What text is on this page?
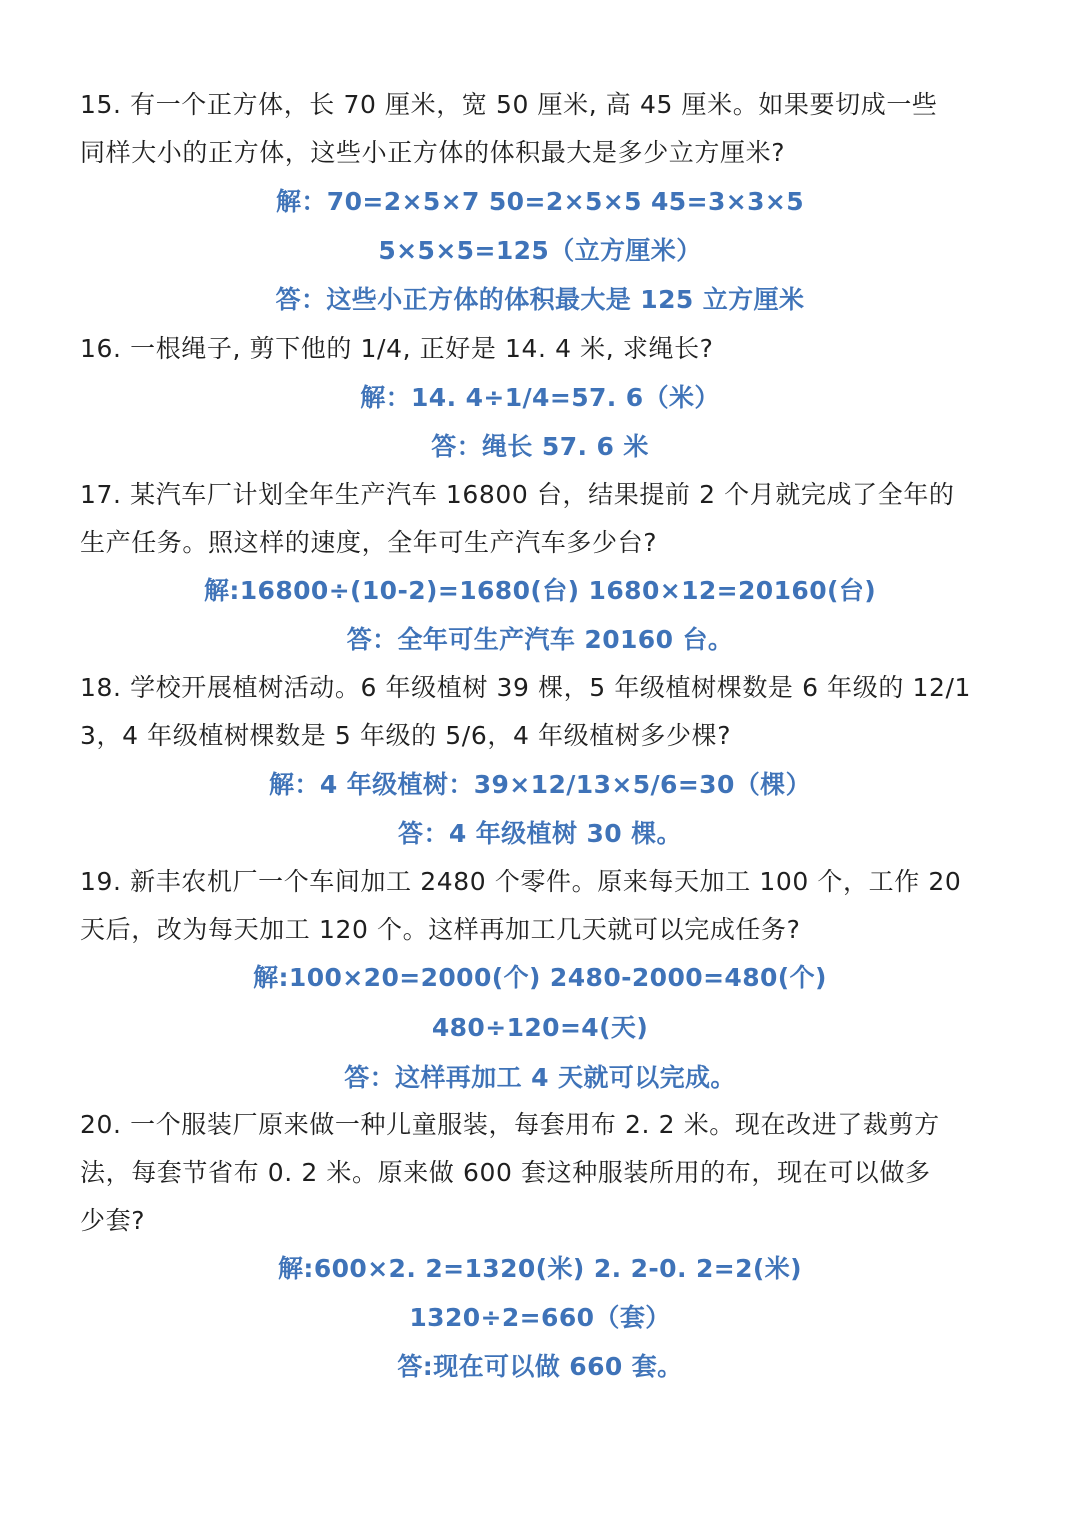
15. 有一个正方体，长 70 厘米，宽 50 厘米, 高 45 厘米。如果要切成一些
同样大小的正方体，这些小正方体的体积最大是多少立方厘米?
解：70=2×5×7 50=2×5×5 45=3×3×5
5×5×5=125（立方厘米）
答：这些小正方体的体积最大是 125 立方厘米
16. 一根绳子, 剪下他的 1/4, 正好是 14. 4 米, 求绳长?
解：14. 4÷1/4=57. 6（米）
答：绳长 57. 6 米
17. 某汽车厂计划全年生产汽车 16800 台，结果提前 2 个月就完成了全年的
生产任务。照这样的速度，全年可生产汽车多少台?
解:16800÷(10-2)=1680(台) 1680×12=20160(台)
答：全年可生产汽车 20160 台。
18. 学校开展植树活动。6 年级植树 39 棵，5 年级植树棵数是 6 年级的 12/1
3，4 年级植树棵数是 5 年级的 5/6，4 年级植树多少棵?
解：4 年级植树：39×12/13×5/6=30（棵）
答：4 年级植树 30 棵。
19. 新丰农机厂一个车间加工 2480 个零件。原来每天加工 100 个，工作 20
天后，改为每天加工 120 个。这样再加工几天就可以完成任务?
解:100×20=2000(个) 2480-2000=480(个)
480÷120=4(天)
答：这样再加工 4 天就可以完成。
20. 一个服装厂原来做一种儿童服装，每套用布 2. 2 米。现在改进了裁剪方
法，每套节省布 0. 2 米。原来做 600 套这种服装所用的布，现在可以做多
少套?
解:600×2. 2=1320(米) 2. 2-0. 2=2(米)
1320÷2=660（套）
答:现在可以做 660 套。
